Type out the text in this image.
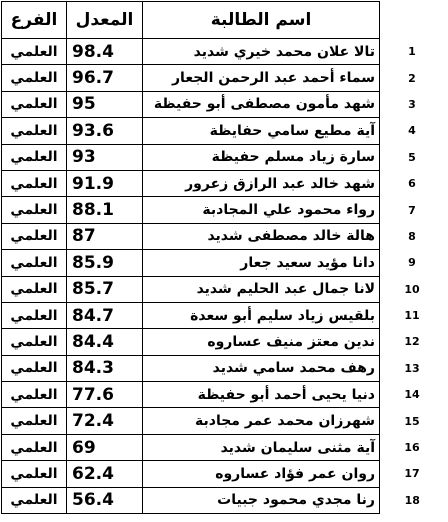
الفرع	المعدل	اسم الطالبة	
العلمي	98.4	تالا علان محمد خيري شديد	1
العلمي	96.7	سماء أحمد عبد الرحمن الجعار	2
العلمي	95	شهد مأمون مصطفى أبو حفيظة	3
العلمي	93.6	آية مطيع سامي حفايظة	4
العلمي	93	سارة زياد مسلم حفيظة	5
العلمي	91.9	شهد خالد عبد الرازق زعرور	6
العلمي	88.1	رواء محمود علي المجادبة	7
العلمي	87	هالة خالد مصطفى شديد	8
العلمي	85.9	دانا مؤيد سعيد جعار	9
العلمي	85.7	لانا جمال عبد الحليم شديد	10
العلمي	84.7	بلقيس زياد سليم أبو سعدة	11
العلمي	84.4	ندين معتز منيف عساروه	12
العلمي	84.3	رهف محمد سامي شديد	13
العلمي	77.6	دنيا يحيى أحمد أبو حفيظة	14
العلمي	72.4	شهرزان محمد عمر مجادبة	15
العلمي	69	آية مثنى سليمان شديد	16
العلمي	62.4	روان عمر فؤاد عساروه	17
العلمي	56.4	رنا مجدي محمود جبيات	18
